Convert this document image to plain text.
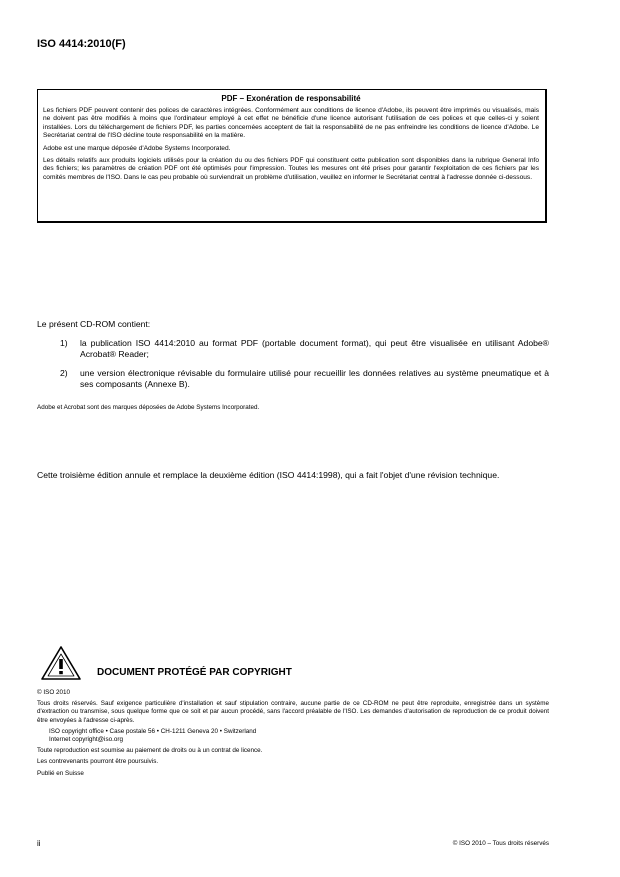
ISO 4414:2010(F)
PDF – Exonération de responsabilité

Les fichiers PDF peuvent contenir des polices de caractères intégrées. Conformément aux conditions de licence d'Adobe, ils peuvent être imprimés ou visualisés, mais ne doivent pas être modifiés à moins que l'ordinateur employé à cet effet ne bénéficie d'une licence autorisant l'utilisation de ces polices et que celles-ci y soient installées. Lors du téléchargement de fichiers PDF, les parties concernées acceptent de fait la responsabilité de ne pas enfreindre les conditions de licence d'Adobe. Le Secrétariat central de l'ISO décline toute responsabilité en la matière.

Adobe est une marque déposée d'Adobe Systems Incorporated.

Les détails relatifs aux produits logiciels utilisés pour la création du ou des fichiers PDF qui constituent cette publication sont disponibles dans la rubrique General Info des fichiers; les paramètres de création PDF ont été optimisés pour l'impression. Toutes les mesures ont été prises pour garantir l'exploitation de ces fichiers par les comités membres de l'ISO. Dans le cas peu probable où surviendrait un problème d'utilisation, veuillez en informer le Secrétariat central à l'adresse donnée ci-dessous.

Le présent CD-ROM contient:
1) la publication ISO 4414:2010 au format PDF (portable document format), qui peut être visualisée en utilisant Adobe® Acrobat® Reader;
2) une version électronique révisable du formulaire utilisé pour recueillir les données relatives au système pneumatique et à ses composants (Annexe B).
Adobe et Acrobat sont des marques déposées de Adobe Systems Incorporated.
Cette troisième édition annule et remplace la deuxième édition (ISO 4414:1998), qui a fait l'objet d'une révision technique.
DOCUMENT PROTÉGÉ PAR COPYRIGHT
© ISO 2010
Tous droits réservés. Sauf exigence particulière d'installation et sauf stipulation contraire, aucune partie de ce CD-ROM ne peut être reproduite, enregistrée dans un système d'extraction ou transmise, sous quelque forme que ce soit et par aucun procédé, sans l'accord préalable de l'ISO. Les demandes d'autorisation de reproduction de ce produit doivent être envoyées à l'adresse ci-après.
ISO copyright office • Case postale 56 • CH-1211 Geneva 20 • Switzerland
Internet copyright@iso.org
Toute reproduction est soumise au paiement de droits ou à un contrat de licence.
Les contrevenants pourront être poursuivis.
Publié en Suisse
ii	© ISO 2010 – Tous droits réservés
